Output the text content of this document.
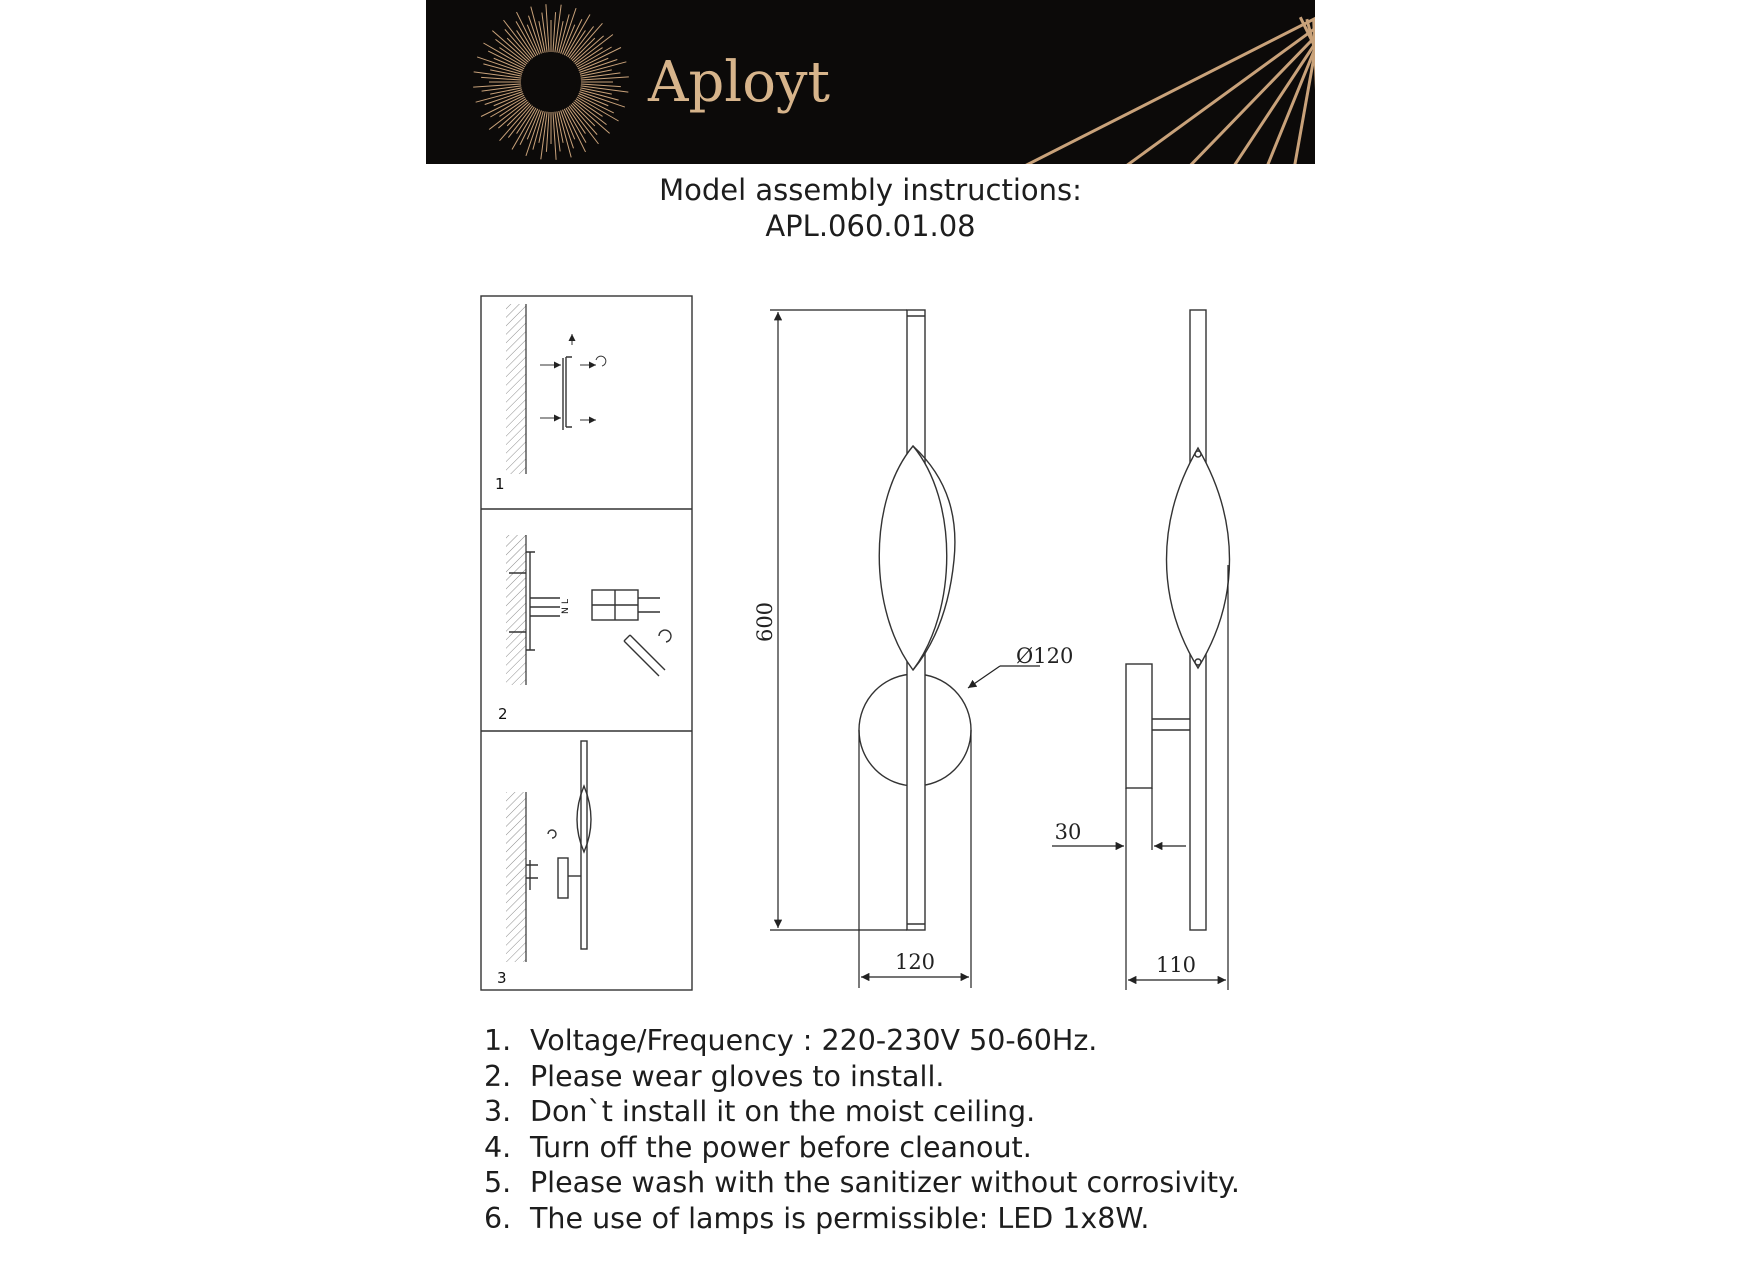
Aployt
Model assembly instructions:
APL.060.01.08
1
L
N
2
3
600
Ø120
120	110
30
1. Voltage/Frequency : 220-230V 50-60Hz.
2. Please wear gloves to install.
3. Don`t install it on the moist ceiling.
4. Turn off the power before cleanout.
5. Please wash with the sanitizer without corrosivity.
6. The use of lamps is permissible: LED 1x8W.
